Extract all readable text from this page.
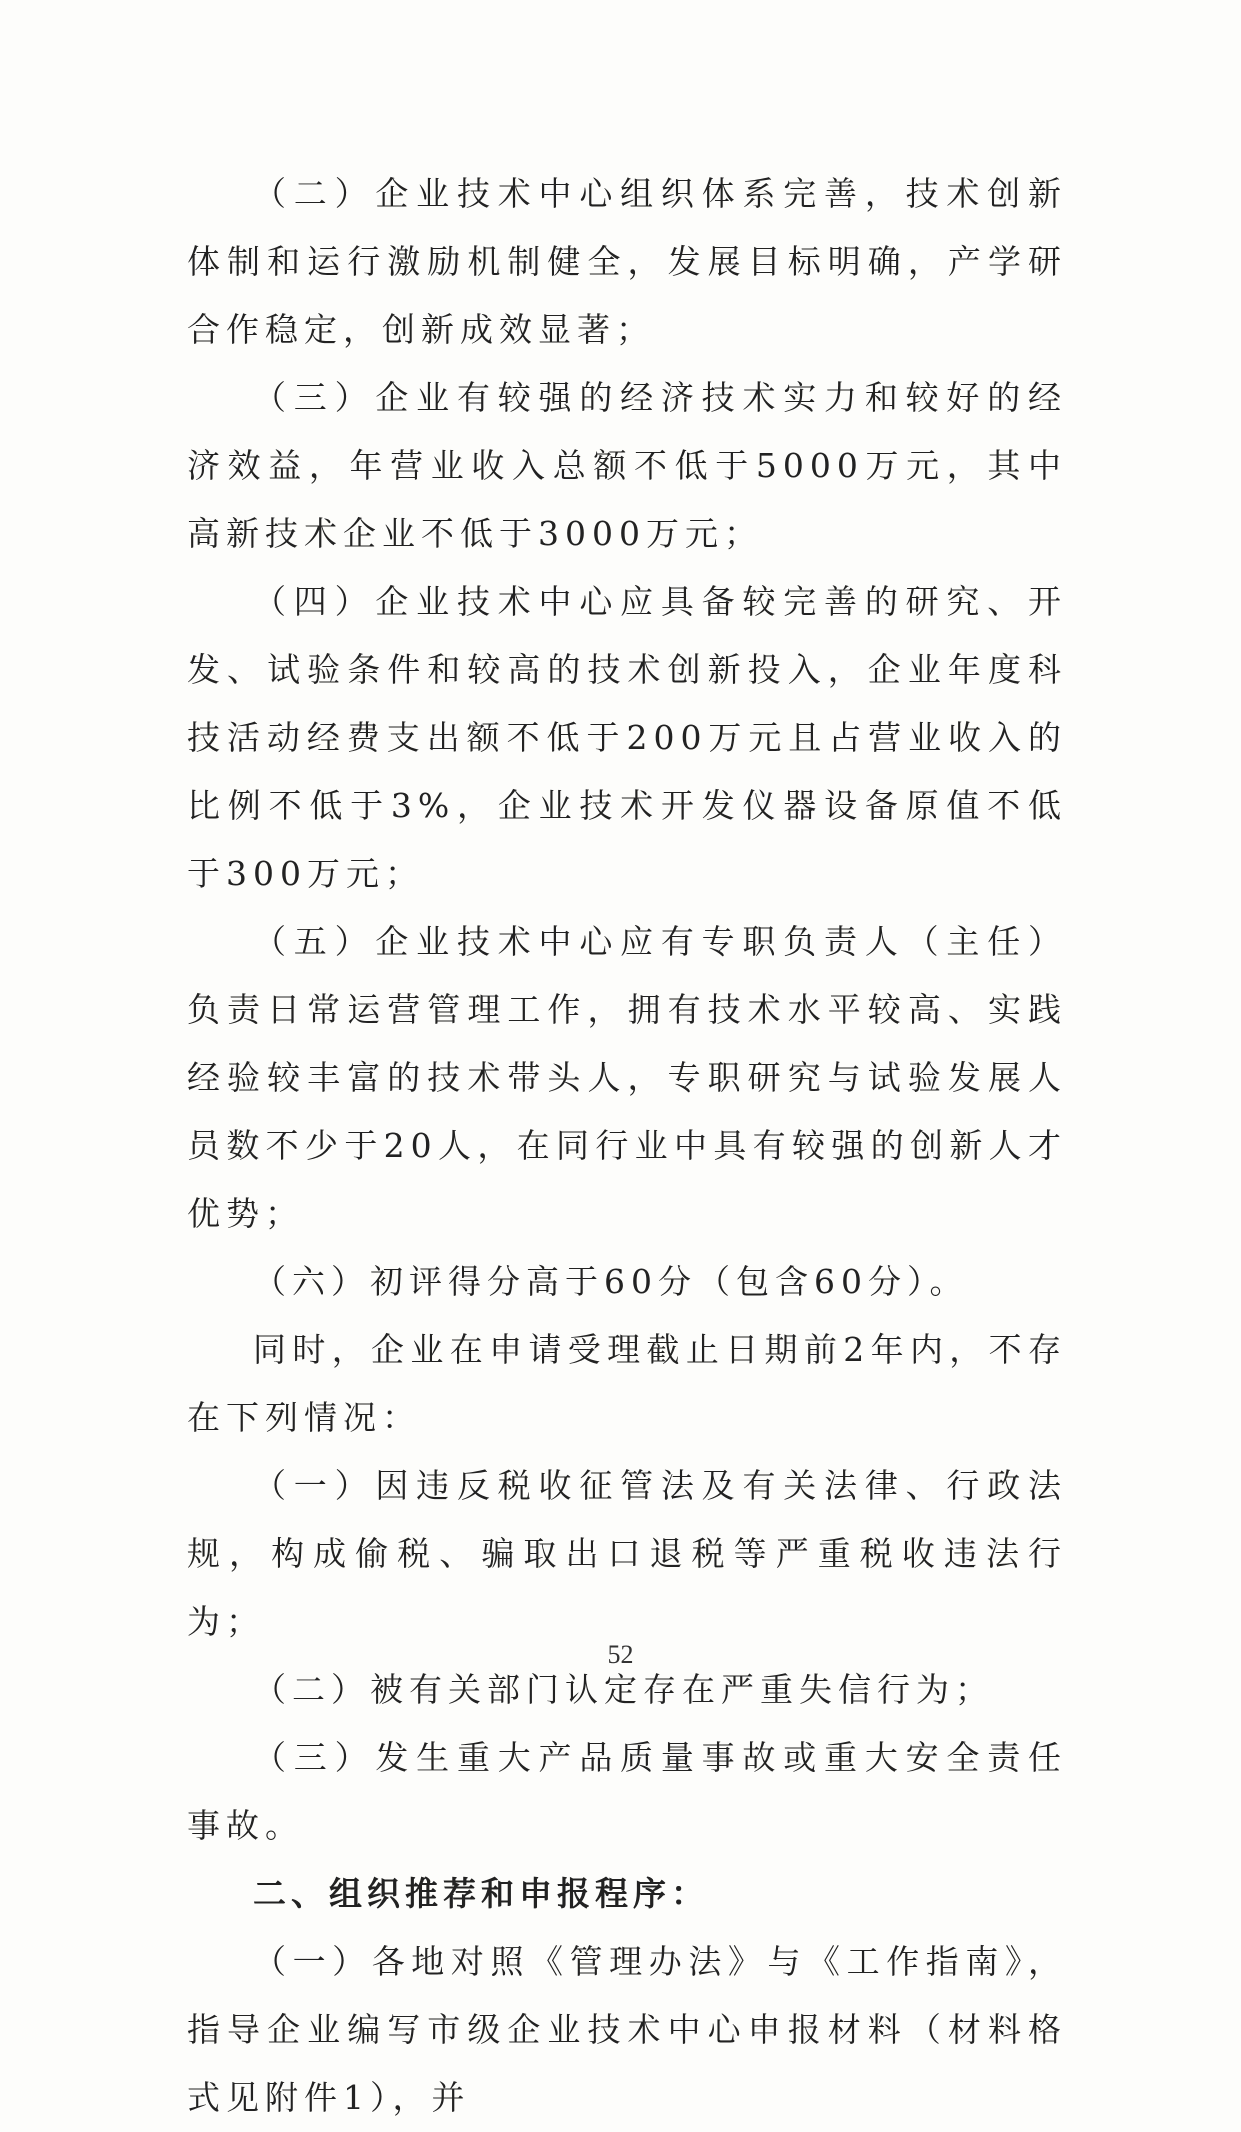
（二）企业技术中心组织体系完善，技术创新体制和运行激励机制健全，发展目标明确，产学研合作稳定，创新成效显著；

（三）企业有较强的经济技术实力和较好的经济效益，年营业收入总额不低于5000万元，其中高新技术企业不低于3000万元；

（四）企业技术中心应具备较完善的研究、开发、试验条件和较高的技术创新投入，企业年度科技活动经费支出额不低于200万元且占营业收入的比例不低于3%，企业技术开发仪器设备原值不低于300万元；

（五）企业技术中心应有专职负责人（主任）负责日常运营管理工作，拥有技术水平较高、实践经验较丰富的技术带头人，专职研究与试验发展人员数不少于20人，在同行业中具有较强的创新人才优势；

（六）初评得分高于60分（包含60分）。

同时，企业在申请受理截止日期前2年内，不存在下列情况：

（一）因违反税收征管法及有关法律、行政法规，构成偷税、骗取出口退税等严重税收违法行为；

（二）被有关部门认定存在严重失信行为；

（三）发生重大产品质量事故或重大安全责任事故。

二、组织推荐和申报程序：

（一）各地对照《管理办法》与《工作指南》，指导企业编写市级企业技术中心申报材料（材料格式见附件1），并

52
